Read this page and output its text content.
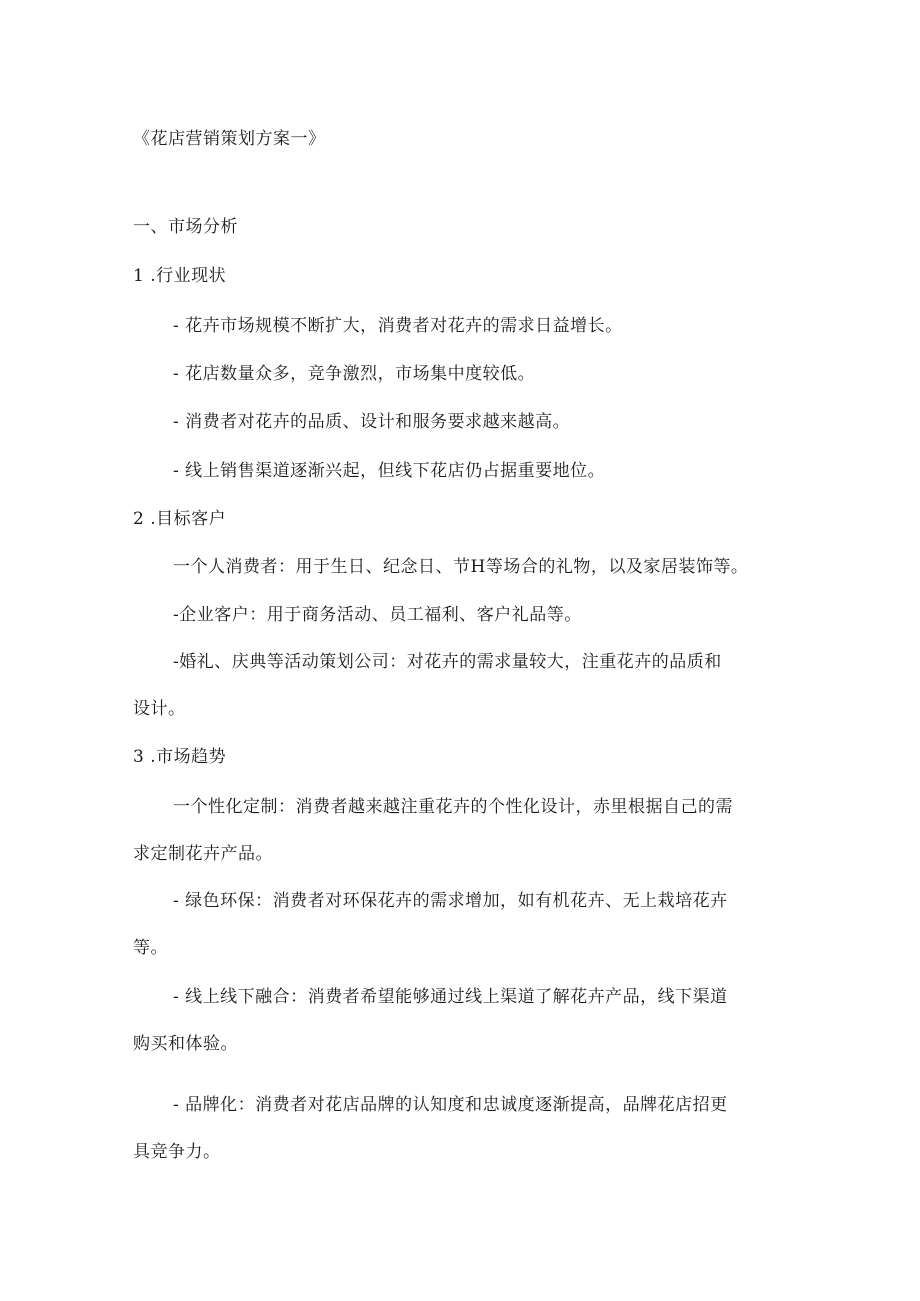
《花店营销策划方案一》
一、市场分析
1 .行业现状
- 花卉市场规模不断扩大，消费者对花卉的需求日益增长。
- 花店数量众多，竞争激烈，市场集中度较低。
- 消费者对花卉的品质、设计和服务要求越来越高。
- 线上销售渠道逐渐兴起，但线下花店仍占据重要地位。
2 .目标客户
一个人消费者：用于生日、纪念日、节H等场合的礼物，以及家居装饰等。
-企业客户：用于商务活动、员工福利、客户礼品等。
-婚礼、庆典等活动策划公司：对花卉的需求量较大，注重花卉的品质和
设计。
3 .市场趋势
一个性化定制：消费者越来越注重花卉的个性化设计，赤里根据自己的需
求定制花卉产品。
- 绿色环保：消费者对环保花卉的需求增加，如有机花卉、无上栽培花卉
等。
- 线上线下融合：消费者希望能够通过线上渠道了解花卉产品，线下渠道
购买和体验。
- 品牌化：消费者对花店品牌的认知度和忠诚度逐渐提高，品牌花店招更
具竞争力。
